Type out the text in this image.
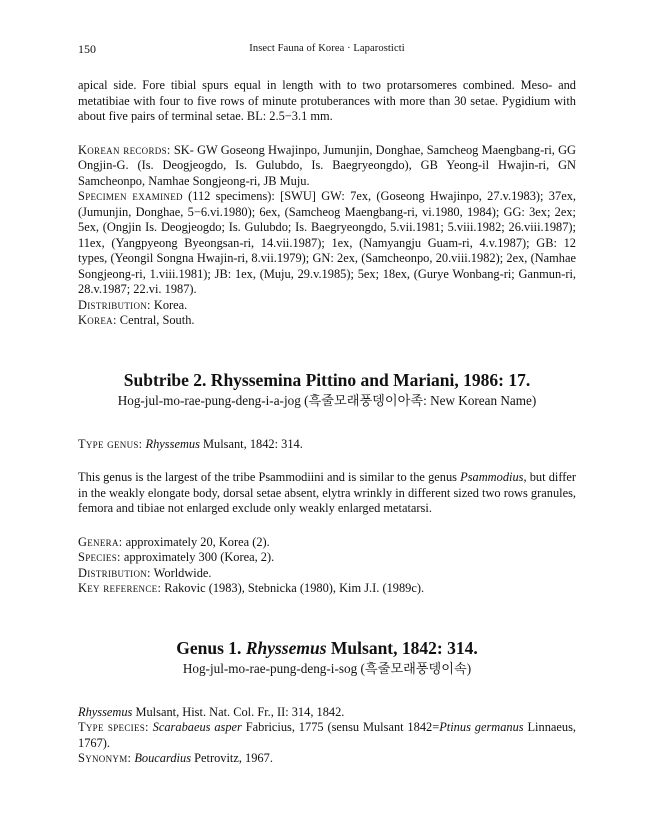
150	Insect Fauna of Korea · Laparosticti

apical side. Fore tibial spurs equal in length with to two protarsomeres combined. Meso- and metatibiae with four to five rows of minute protuberances with more than 30 setae. Pygidium with about five pairs of terminal setae. BL: 2.5−3.1 mm.

Korean records: SK- GW Goseong Hwajinpo, Jumunjin, Donghae, Samcheog Maengbang-ri, GG Ongjin-G. (Is. Deogjeogdo, Is. Gulubdo, Is. Baegryeongdo), GB Yeong-il Hwajin-ri, GN Samcheonpo, Namhae Songjeong-ri, JB Muju.

Specimen examined (112 specimens): [SWU] GW: 7ex, (Goseong Hwajinpo, 27.v.1983); 37ex, (Jumunjin, Donghae, 5−6.vi.1980); 6ex, (Samcheog Maengbang-ri, vi.1980, 1984); GG: 3ex; 2ex; 5ex, (Ongjin Is. Deogjeogdo; Is. Gulubdo; Is. Baegryeongdo, 5.vii.1981; 5.viii.1982; 26.viii.1987); 11ex, (Yangpyeong Byeongsan-ri, 14.vii.1987); 1ex, (Namyangju Guam-ri, 4.v.1987); GB: 12 types, (Yeongil Songna Hwajin-ri, 8.vii.1979); GN: 2ex, (Samcheonpo, 20.viii.1982); 2ex, (Namhae Songjeong-ri, 1.viii.1981); JB: 1ex, (Muju, 29.v.1985); 5ex; 18ex, (Gurye Wonbang-ri; Ganmun-ri, 28.v.1987; 22.vi. 1987).

Distribution: Korea.

Korea: Central, South.

Subtribe 2. Rhyssemina Pittino and Mariani, 1986: 17.
Hog-jul-mo-rae-pung-deng-i-a-jog (흑줄모래풍뎅이아족: New Korean Name)

Type genus: Rhyssemus Mulsant, 1842: 314.

This genus is the largest of the tribe Psammodiini and is similar to the genus Psammodius, but differ in the weakly elongate body, dorsal setae absent, elytra wrinkly in different sized two rows granules, femora and tibiae not enlarged exclude only weakly enlarged metatarsi.

Genera: approximately 20, Korea (2).

Species: approximately 300 (Korea, 2).

Distribution: Worldwide.

Key reference: Rakovic (1983), Stebnicka (1980), Kim J.I. (1989c).

Genus 1. Rhyssemus Mulsant, 1842: 314.
Hog-jul-mo-rae-pung-deng-i-sog (흑줄모래풍뎅이속)

Rhyssemus Mulsant, Hist. Nat. Col. Fr., II: 314, 1842.

Type species: Scarabaeus asper Fabricius, 1775 (sensu Mulsant 1842=Ptinus germanus Linnaeus, 1767).

Synonym: Boucardius Petrovitz, 1967.
